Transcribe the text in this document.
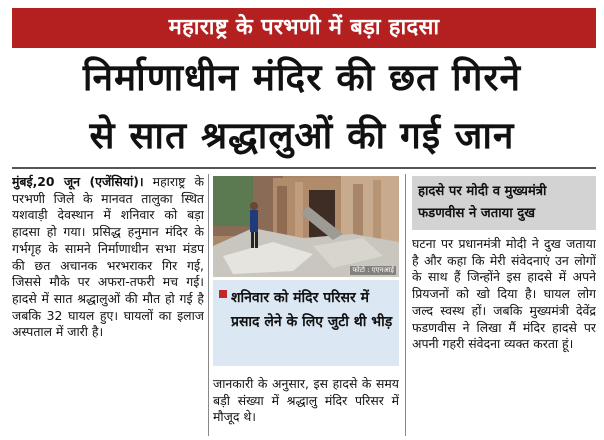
महाराष्ट्र के परभणी में बड़ा हादसा
निर्माणाधीन मंदिर की छत गिरने
से सात श्रद्धालुओं की गई जान
मुंबई,20 जून (एजेंसियां)। महाराष्ट्र के परभणी जिले के मानवत तालुका स्थित यशवाड़ी देवस्थान में शनिवार को बड़ा हादसा हो गया। प्रसिद्ध हनुमान मंदिर के गर्भगृह के सामने निर्माणाधीन सभा मंडप की छत अचानक भरभराकर गिर गई, जिससे मौके पर अफरा-तफरी मच गई। हादसे में सात श्रद्धालुओं की मौत हो गई है जबकि 32 घायल हुए। घायलों का इलाज अस्पताल में जारी है।
फोटो : एएनआई
शनिवार को मंदिर परिसर में प्रसाद लेने के लिए जुटी थी भीड़
जानकारी के अनुसार, इस हादसे के समय बड़ी संख्या में श्रद्धालु मंदिर परिसर में मौजूद थे।
हादसे पर मोदी व मुख्यमंत्री फडणवीस ने जताया दुख
घटना पर प्रधानमंत्री मोदी ने दुख जताया है और कहा कि मेरी संवेदनाएं उन लोगों के साथ हैं जिन्होंने इस हादसे में अपने प्रियजनों को खो दिया है। घायल लोग जल्द स्वस्थ हों। जबकि मुख्यमंत्री देवेंद्र फडणवीस ने लिखा मैं मंदिर हादसे पर अपनी गहरी संवेदना व्यक्त करता हूं।
